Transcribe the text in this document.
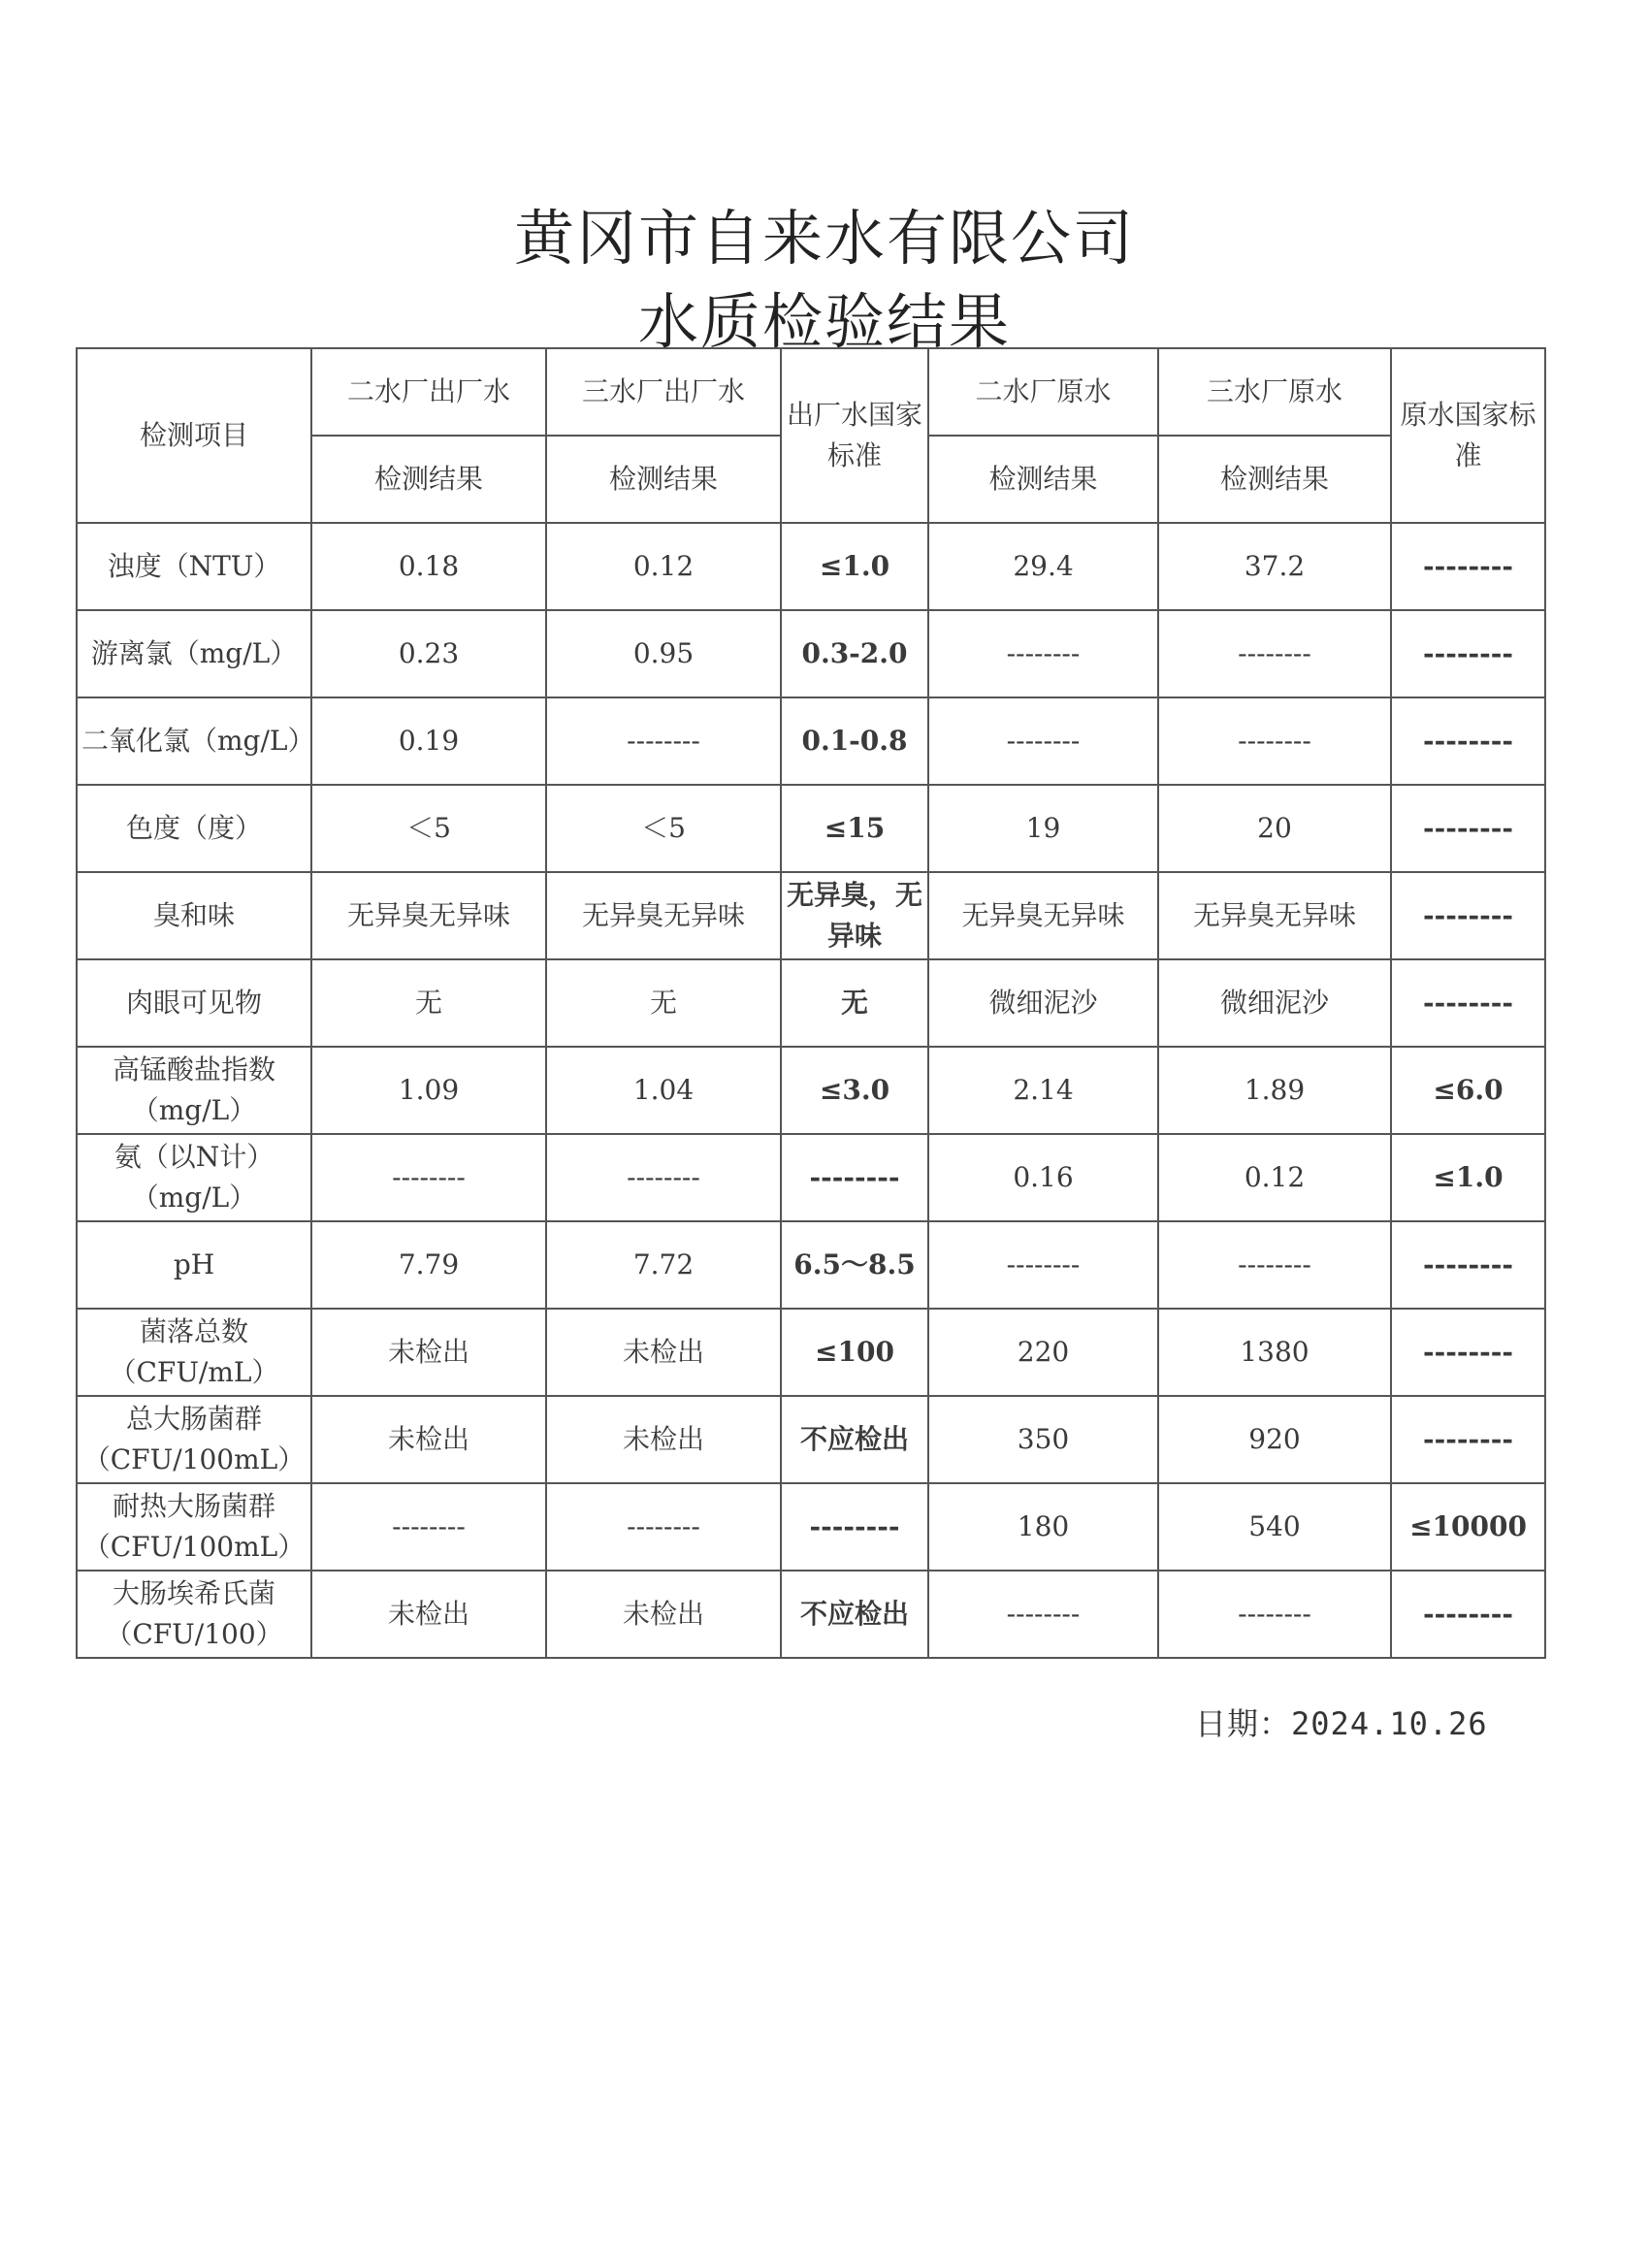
黄冈市自来水有限公司
水质检验结果
检测项目	二水厂出厂水	三水厂出厂水	出厂水国家标准	二水厂原水	三水厂原水	原水国家标准
	检测结果	检测结果		检测结果	检测结果	
浊度（NTU）	0.18	0.12	≤1.0	29.4	37.2	--------
游离氯（mg/L）	0.23	0.95	0.3-2.0	--------	--------	--------
二氧化氯（mg/L）	0.19	--------	0.1-0.8	--------	--------	--------
色度（度）	＜5	＜5	≤15	19	20	--------
臭和味	无异臭无异味	无异臭无异味	无异臭，无异味	无异臭无异味	无异臭无异味	--------
肉眼可见物	无	无	无	微细泥沙	微细泥沙	--------
高锰酸盐指数（mg/L）	1.09	1.04	≤3.0	2.14	1.89	≤6.0
氨（以N计）（mg/L）	--------	--------	--------	0.16	0.12	≤1.0
pH	7.79	7.72	6.5～8.5	--------	--------	--------
菌落总数（CFU/mL）	未检出	未检出	≤100	220	1380	--------
总大肠菌群（CFU/100mL）	未检出	未检出	不应检出	350	920	--------
耐热大肠菌群（CFU/100mL）	--------	--------	--------	180	540	≤10000
大肠埃希氏菌（CFU/100）	未检出	未检出	不应检出	--------	--------	--------
日期：2024.10.26
